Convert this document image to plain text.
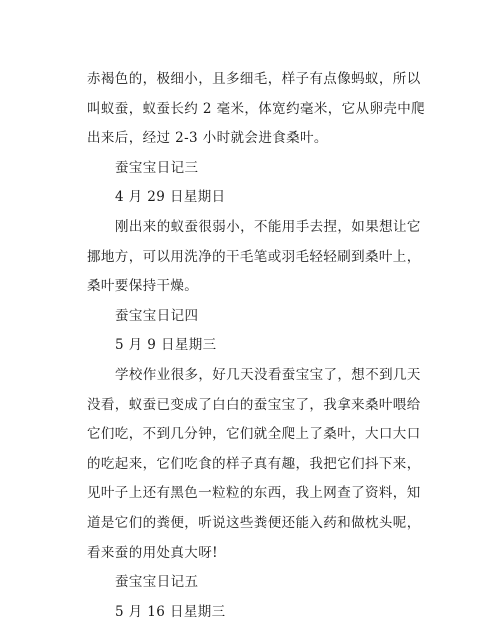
赤褐色的，极细小，且多细毛，样子有点像蚂蚁，所以
叫蚁蚕，蚁蚕长约 2 毫米，体宽约毫米，它从卵壳中爬
出来后，经过 2-3 小时就会进食桑叶。
蚕宝宝日记三
4 月 29 日星期日
刚出来的蚁蚕很弱小，不能用手去捏，如果想让它
挪地方，可以用洗净的干毛笔或羽毛轻轻刷到桑叶上，
桑叶要保持干燥。
蚕宝宝日记四
5 月 9 日星期三
学校作业很多，好几天没看蚕宝宝了，想不到几天
没看，蚁蚕已变成了白白的蚕宝宝了，我拿来桑叶喂给
它们吃，不到几分钟，它们就全爬上了桑叶，大口大口
的吃起来，它们吃食的样子真有趣，我把它们抖下来，
见叶子上还有黑色一粒粒的东西，我上网查了资料，知
道是它们的粪便，听说这些粪便还能入药和做枕头呢，
看来蚕的用处真大呀!
蚕宝宝日记五
5 月 16 日星期三
